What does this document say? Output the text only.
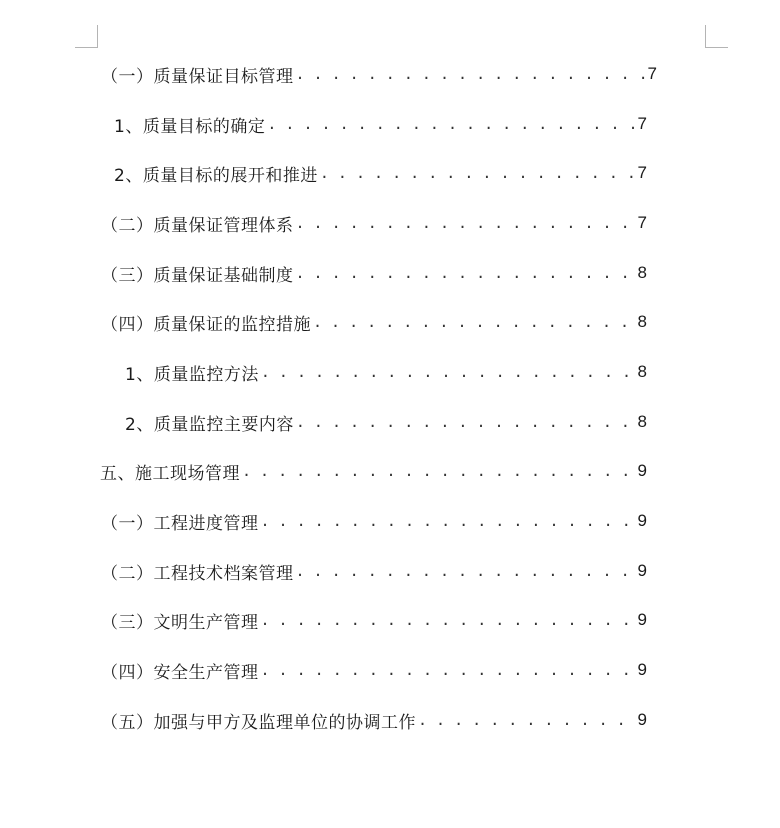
（一）质量保证目标管理 . . .	7
1、质量目标的确定 . . .	7
2、质量目标的展开和推进 . . .	7
（二）质量保证管理体系 . . .	7
（三）质量保证基础制度 . . .	8
（四）质量保证的监控措施 . . .	8
1、质量监控方法 . . .	8
2、质量监控主要内容 . . .	8
五、施工现场管理 . . .	9
（一）工程进度管理 . . .	9
（二）工程技术档案管理 . . .	9
（三）文明生产管理 . . .	9
（四）安全生产管理 . . .	9
（五）加强与甲方及监理单位的协调工作 . . .	9
